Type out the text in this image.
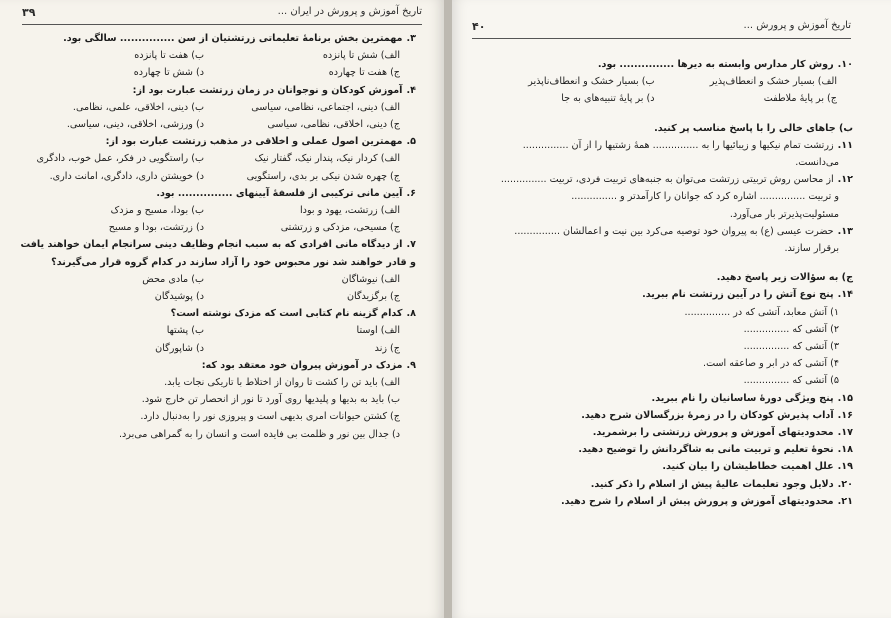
تاریخ آموزش و پرورش در ایران ...
۳۹
۳.مهمترین بخش برنامهٔ تعلیماتی زرتشتیان از سن ............... سالگی بود.
الف) شش تا پانزده
ب) هفت تا پانزده
ج) هفت تا چهارده
د) شش تا چهارده
۴.آموزش کودکان و نوجوانان در زمان زرتشت عبارت بود از:
الف) دینی، اجتماعی، نظامی، سیاسی
ب) دینی، اخلاقی، علمی، نظامی.
ج) دینی، اخلاقی، نظامی، سیاسی
د) ورزشی، اخلاقی، دینی، سیاسی.
۵.مهمترین اصول عملی و اخلاقی در مذهب زرتشت عبارت بود از:
الف) کردار نیک، پندار نیک، گفتار نیک
ب) راستگویی در فکر، عمل خوب، دادگری
ج) چهره شدن نیکی بر بدی، راستگویی
د) خویشتن داری، دادگری، امانت داری.
۶.آیین مانی ترکیبی از فلسفهٔ آیینهای ............... بود.
الف) زرتشت، یهود و بودا
ب) بودا، مسیح و مزدک
ج) مسیحی، مزدکی و زرتشتی
د) زرتشت، بودا و مسیح
۷.از دیدگاه مانی افرادی که به سبب انجام وظایف دینی سرانجام ایمان خواهند یافت و قادر خواهند شد نور محبوس خود را آزاد سازند در کدام گروه قرار می‌گیرند؟
الف) نیوشاگان
ب) مادی محض
ج) برگزیدگان
د) پوشیدگان
۸.کدام گزینه نام کتابی است که مزدک نوشته است؟
الف) اوستا
ب) پشتها
ج) زند
د) شاپورگان
۹.مزدک در آموزش پیروان خود معتقد بود که:
الف) باید تن را کشت تا روان از اختلاط با تاریکی نجات یابد.
ب) باید به بدیها و پلیدیها روی آورد تا نور از انحصار تن خارج شود.
ج) کشتن حیوانات امری بدیهی است و پیروزی نور را به‌دنبال دارد.
د) جدال بین نور و ظلمت بی فایده است و انسان را به گمراهی می‌برد.
تاریخ آموزش و پرورش ...
۴۰
۱۰.روش کار مدارس وابسته به دیرها ............... بود.
الف) بسیار خشک و انعطاف‌پذیر
ب) بسیار خشک و انعطاف‌ناپذیر
ج) بر پایهٔ ملاطفت
د) بر پایهٔ تنبیه‌های به جا
ب) جاهای خالی را با پاسخ مناسب پر کنید.
۱۱.زرتشت تمام نیکیها و زیبائیها را به ............... همهٔ زشتیها را از آن ...............
می‌دانست.
۱۲.از محاسن روش تربیتی زرتشت می‌توان به جنبه‌های تربیت فردی، تربیت ...............
و تربیت ............... اشاره کرد که جوانان را کارآمدتر و ...............
مسئولیت‌پذیرتر بار می‌آورد.
۱۳.حضرت عیسی (ع) به پیروان خود توصیه می‌کرد بین نیت و اعمالشان ...............
برقرار سازند.
ج) به سؤالات زیر پاسخ دهید.
۱۴.پنج نوع آتش را در آیین زرتشت نام ببرید.
۱) آتش معابد، آتشی که در ...............
۲) آتشی که ...............
۳) آتشی که ...............
۴) آتشی که در ابر و صاعقه است.
۵) آتشی که ...............
۱۵.پنج ویژگی دورهٔ ساسانیان را نام ببرید.
۱۶.آداب پذیرش کودکان را در زمرهٔ بزرگسالان شرح دهید.
۱۷.محدودیتهای آموزش و پرورش زرتشتی را برشمرید.
۱۸.نحوهٔ تعلیم و تربیت مانی به شاگردانش را توضیح دهید.
۱۹.علل اهمیت خطاطیشان را بیان کنید.
۲۰.دلایل وجود تعلیمات عالیهٔ پیش از اسلام را ذکر کنید.
۲۱.محدودیتهای آموزش و پرورش پیش از اسلام را شرح دهید.
